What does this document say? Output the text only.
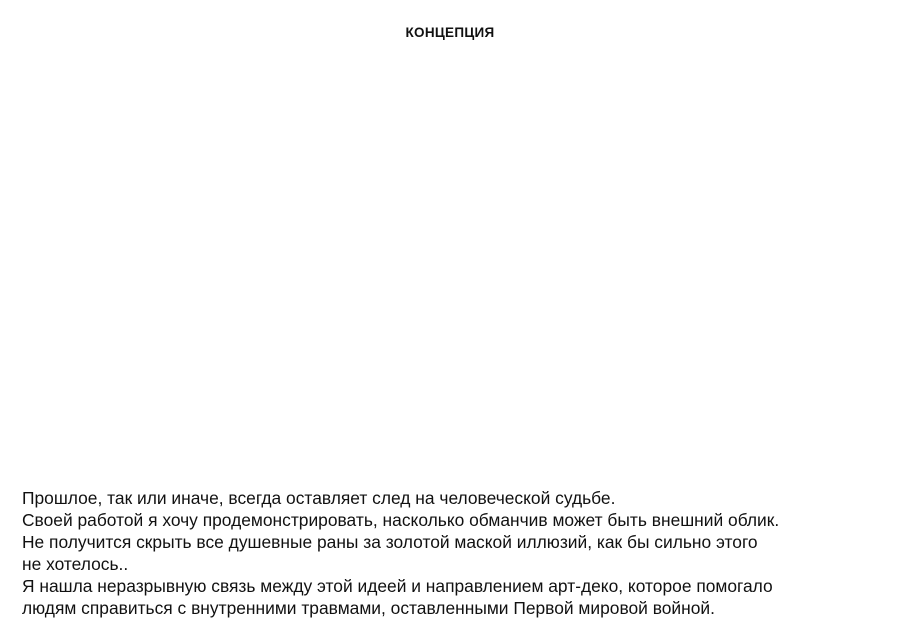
КОНЦЕПЦИЯ
Прошлое, так или иначе, всегда оставляет след на человеческой судьбе.
Своей работой я хочу продемонстрировать, насколько обманчив может быть внешний облик.
Не получится скрыть все душевные раны за золотой маской иллюзий, как бы сильно этого
не хотелось..
Я нашла неразрывную связь между этой идеей и направлением арт-деко, которое помогало
людям справиться с внутренними травмами, оставленными Первой мировой войной.
